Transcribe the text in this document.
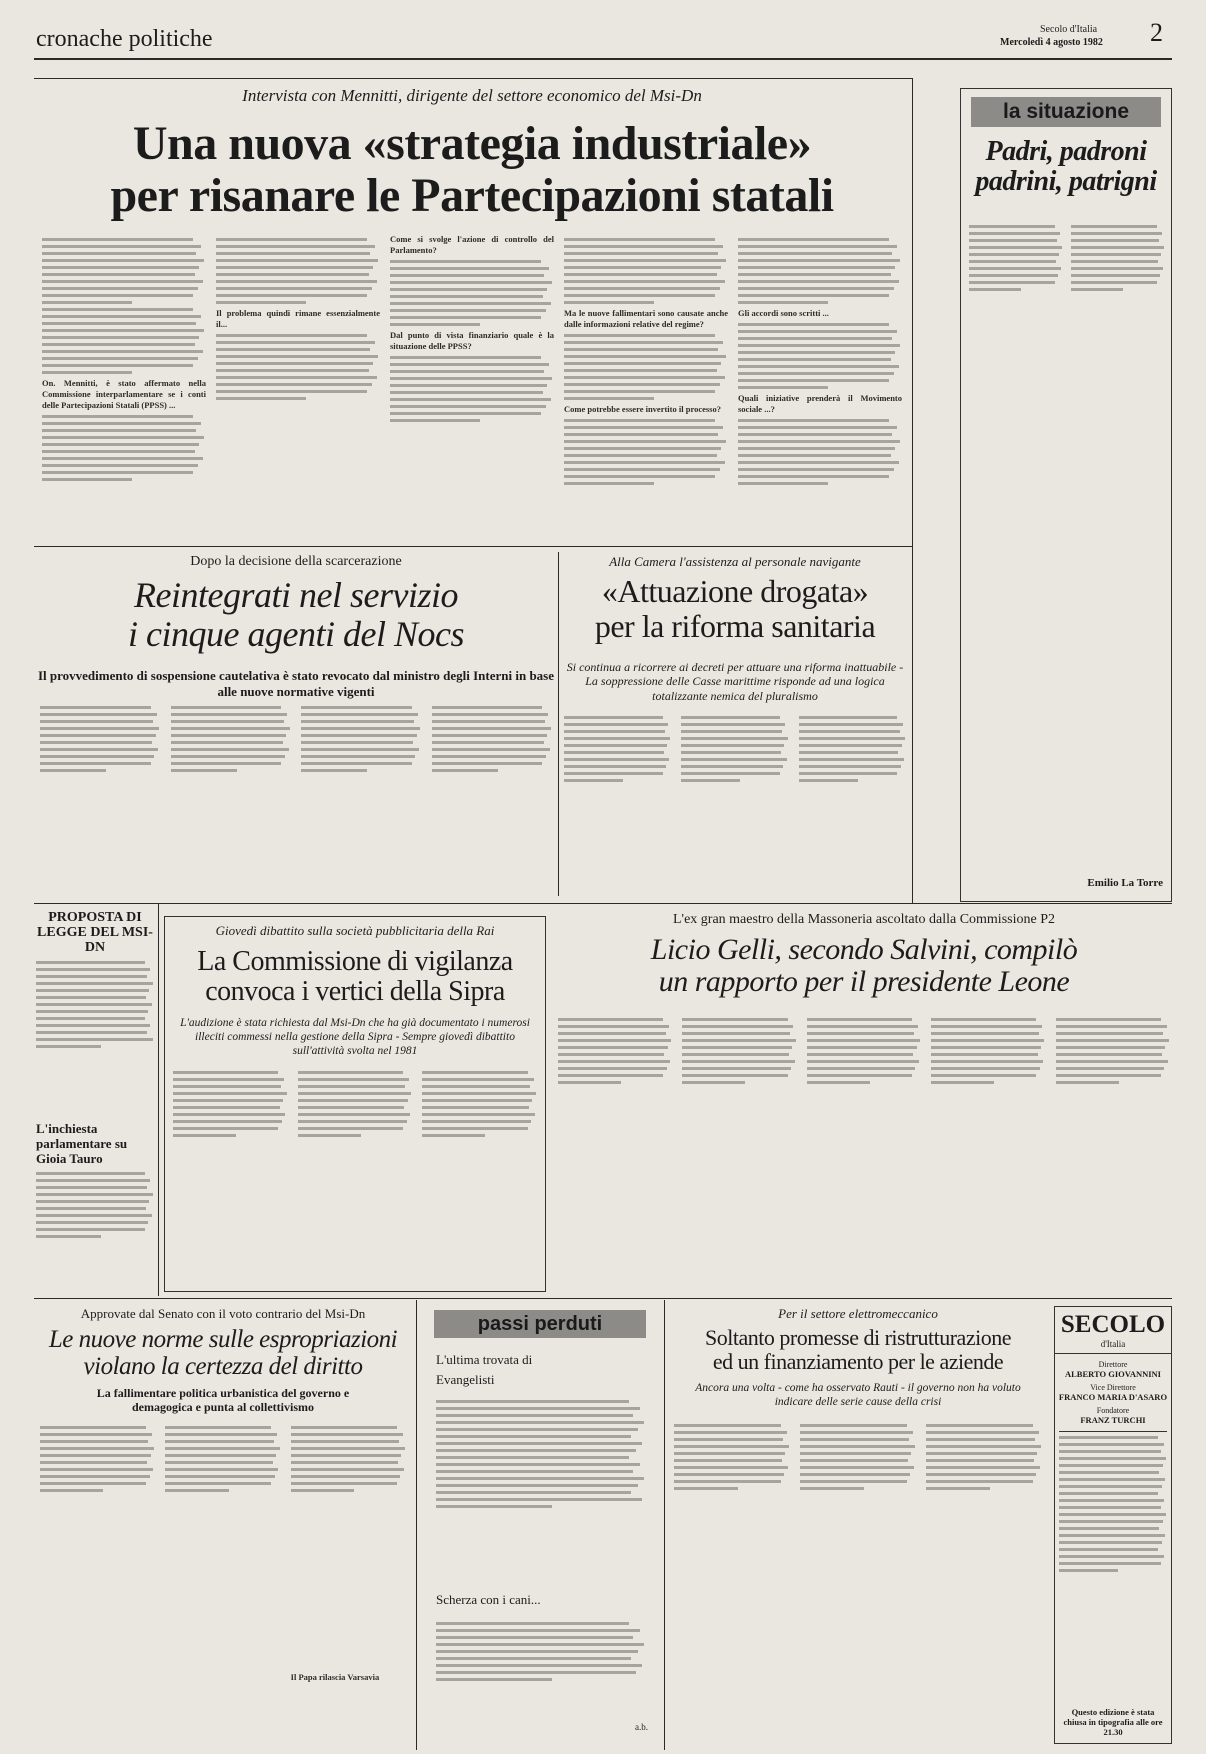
cronache politiche	Secolo d'Italia
Mercoledì 4 agosto 1982 2
Intervista con Mennitti, dirigente del settore economico del Msi-Dn
Una nuova «strategia industriale»
per risanare le Partecipazioni statali

On. Mennitti, è stato affermato nella Commissione interparlamentare se i conti delle Partecipazioni Statali (PPSS) ...

Il problema quindi rimane essenzialmente il...

Come si svolge l'azione di controllo del Parlamento?

Dal punto di vista finanziario quale è la situazione delle PPSS?

Ma le nuove fallimentari sono causate anche dalle informazioni relative del regime?

Come potrebbe essere invertito il processo?

Gli accordi sono scritti ...

Quali iniziative prenderà il Movimento sociale ...?

la situazione
Padri, padroni padrini, patrigni

Emilio La Torre
Dopo la decisione della scarcerazione
Reintegrati nel servizio
i cinque agenti del Nocs
Il provvedimento di sospensione cautelativa è stato revocato dal ministro degli Interni in base alle nuove normative vigenti

Alla Camera l'assistenza al personale navigante
«Attuazione drogata»
per la riforma sanitaria
Si continua a ricorrere ai decreti per attuare una riforma inattuabile - La soppressione delle Casse marittime risponde ad una logica totalizzante nemica del pluralismo

PROPOSTA DI LEGGE DEL MSI-DN
L'inchiesta parlamentare su Gioia Tauro
Giovedì dibattito sulla società pubblicitaria della Rai
La Commissione di vigilanza
convoca i vertici della Sipra
L'audizione è stata richiesta dal Msi-Dn che ha già documentato i numerosi illeciti commessi nella gestione della Sipra - Sempre giovedì dibattito sull'attività svolta nel 1981

L'ex gran maestro della Massoneria ascoltato dalla Commissione P2
Licio Gelli, secondo Salvini, compilò
un rapporto per il presidente Leone

Approvate dal Senato con il voto contrario del Msi-Dn
Le nuove norme sulle espropriazioni
violano la certezza del diritto
La fallimentare politica urbanistica del governo e demagogica e punta al collettivismo

Il Papa rilascia Varsavia

passi perduti
L'ultima trovata di Evangelisti
Scherza con i cani...
a.b.
Per il settore elettromeccanico
Soltanto promesse di ristrutturazione
ed un finanziamento per le aziende
Ancora una volta - come ha osservato Rauti - il governo non ha voluto indicare delle serie cause della crisi

SECOLO
d'Italia
Direttore
ALBERTO GIOVANNINI
Vice Direttore
FRANCO MARIA D'ASARO
Fondatore
FRANZ TURCHI
Questo edizione è stata chiusa in tipografia alle ore 21.30
